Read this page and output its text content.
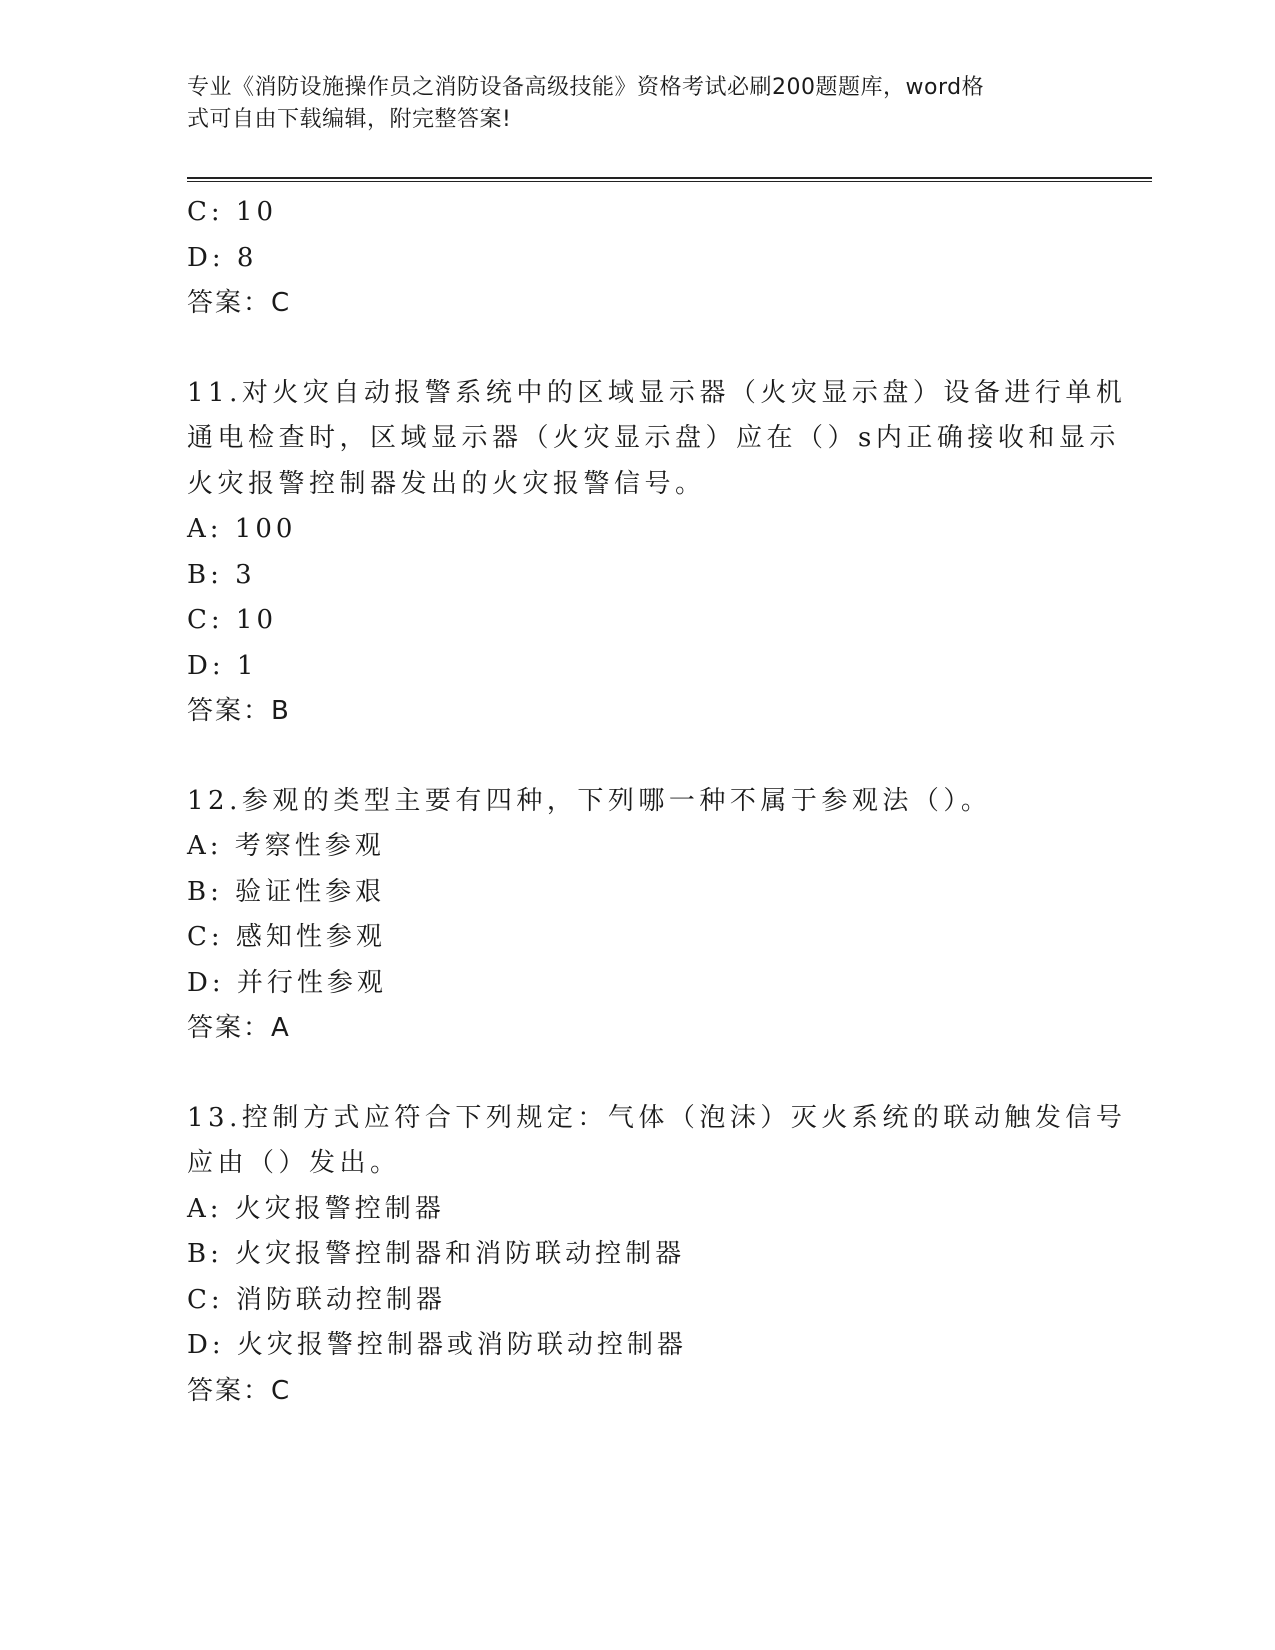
专业《消防设施操作员之消防设备高级技能》资格考试必刷200题题库，word格
式可自由下载编辑，附完整答案!
C: 10
D: 8
答案：C
11.对火灾自动报警系统中的区域显示器（火灾显示盘）设备进行单机
通电检查时，区域显示器（火灾显示盘）应在（）s内正确接收和显示
火灾报警控制器发出的火灾报警信号。
A: 100
B: 3
C: 10
D: 1
答案：B
12.参观的类型主要有四种，下列哪一种不属于参观法（）。
A: 考察性参观
B: 验证性参艰
C: 感知性参观
D: 并行性参观
答案：A
13.控制方式应符合下列规定：气体（泡沫）灭火系统的联动触发信号
应由（）发出。
A: 火灾报警控制器
B: 火灾报警控制器和消防联动控制器
C: 消防联动控制器
D: 火灾报警控制器或消防联动控制器
答案：C
